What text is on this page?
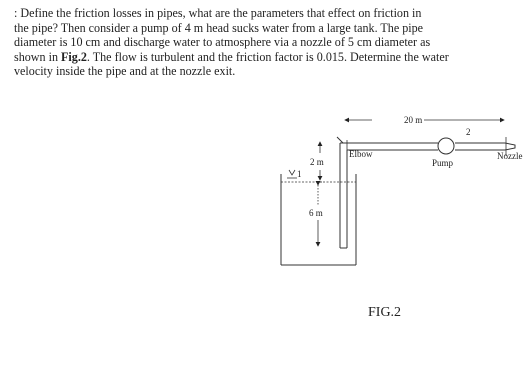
: Define the friction losses in pipes, what are the parameters that effect on friction in
the pipe? Then consider a pump of 4 m head sucks water from a large tank. The pipe
diameter is 10 cm and discharge water to atmosphere via a nozzle of 5 cm diameter as
shown in Fig.2. The flow is turbulent and the friction factor is 0.015. Determine the water
velocity inside the pipe and at the nozzle exit.

1
20 m
2
Elbow
Pump
Nozzle
2 m
6 m
FIG.2
